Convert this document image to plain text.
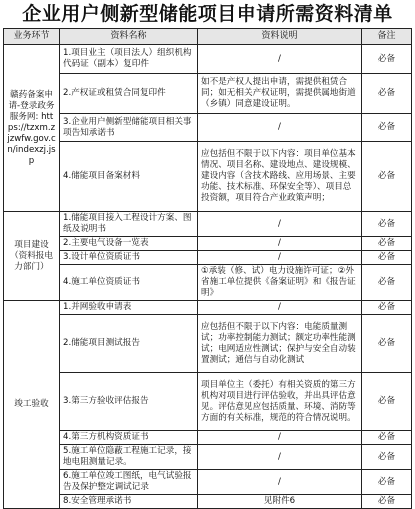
企业用户侧新型储能项目申请所需资料清单
业务环节	资料名称	资料说明	备注
赣药备案申请-登录政务服务网: https://tzxm.zjzwfw.gov.cn/indexzj.jsp	1.项目业主（项目法人）组织机构代码证（副本）复印件	/	必备
	2.产权证或租赁合同复印件	如不是产权人提出申请，需提供租赁合同；如无相关产权证明，需提供属地街道（乡镇）同意建设证明。	必备
	3.企业用户侧新型储能项目相关事项告知承诺书	/	必备
	4.储能项目备案材料	应包括但不限于以下内容：项目单位基本情况、项目名称、建设地点、建设规模、建设内容（含技术路线、应用场景、主要功能、技术标准、环保安全等）、项目总投资额，项目符合产业政策声明；	必备
项目建设（资料报电力部门）	1.储能项目接入工程设计方案、图纸及说明书	/	必备
	2.主要电气设备一览表	/	必备
	3.设计单位资质证书	/	必备
	4.施工单位资质证书	①承装（修、试）电力设施许可证；②外省施工单位提供《备案证明》和《报告证明》	必备
竣工验收	1.并网验收申请表	/	必备
	2.储能项目测试报告	应包括但不限于以下内容：电能质量测试；功率控制能力测试；额定功率性能测试；电网适应性测试；保护与安全自动装置测试；通信与自动化测试	必备
	3.第三方验收评估报告	项目单位主（委托）有相关资质的第三方机构对项目进行评估验收，并出具评估意见。评估意见应包括质量、环境、消防等方面的有关标准，规范的符合情况说明。	必备
	4.第三方机构资质证书	/	必备
	5.施工单位隐蔽工程施工记录，接地电阻测量记录。	/	必备
	6.施工单位竣工图纸，电气试验报告及保护整定调试记录	/	必备
	8.安全管理承诺书	见附件6	必备
